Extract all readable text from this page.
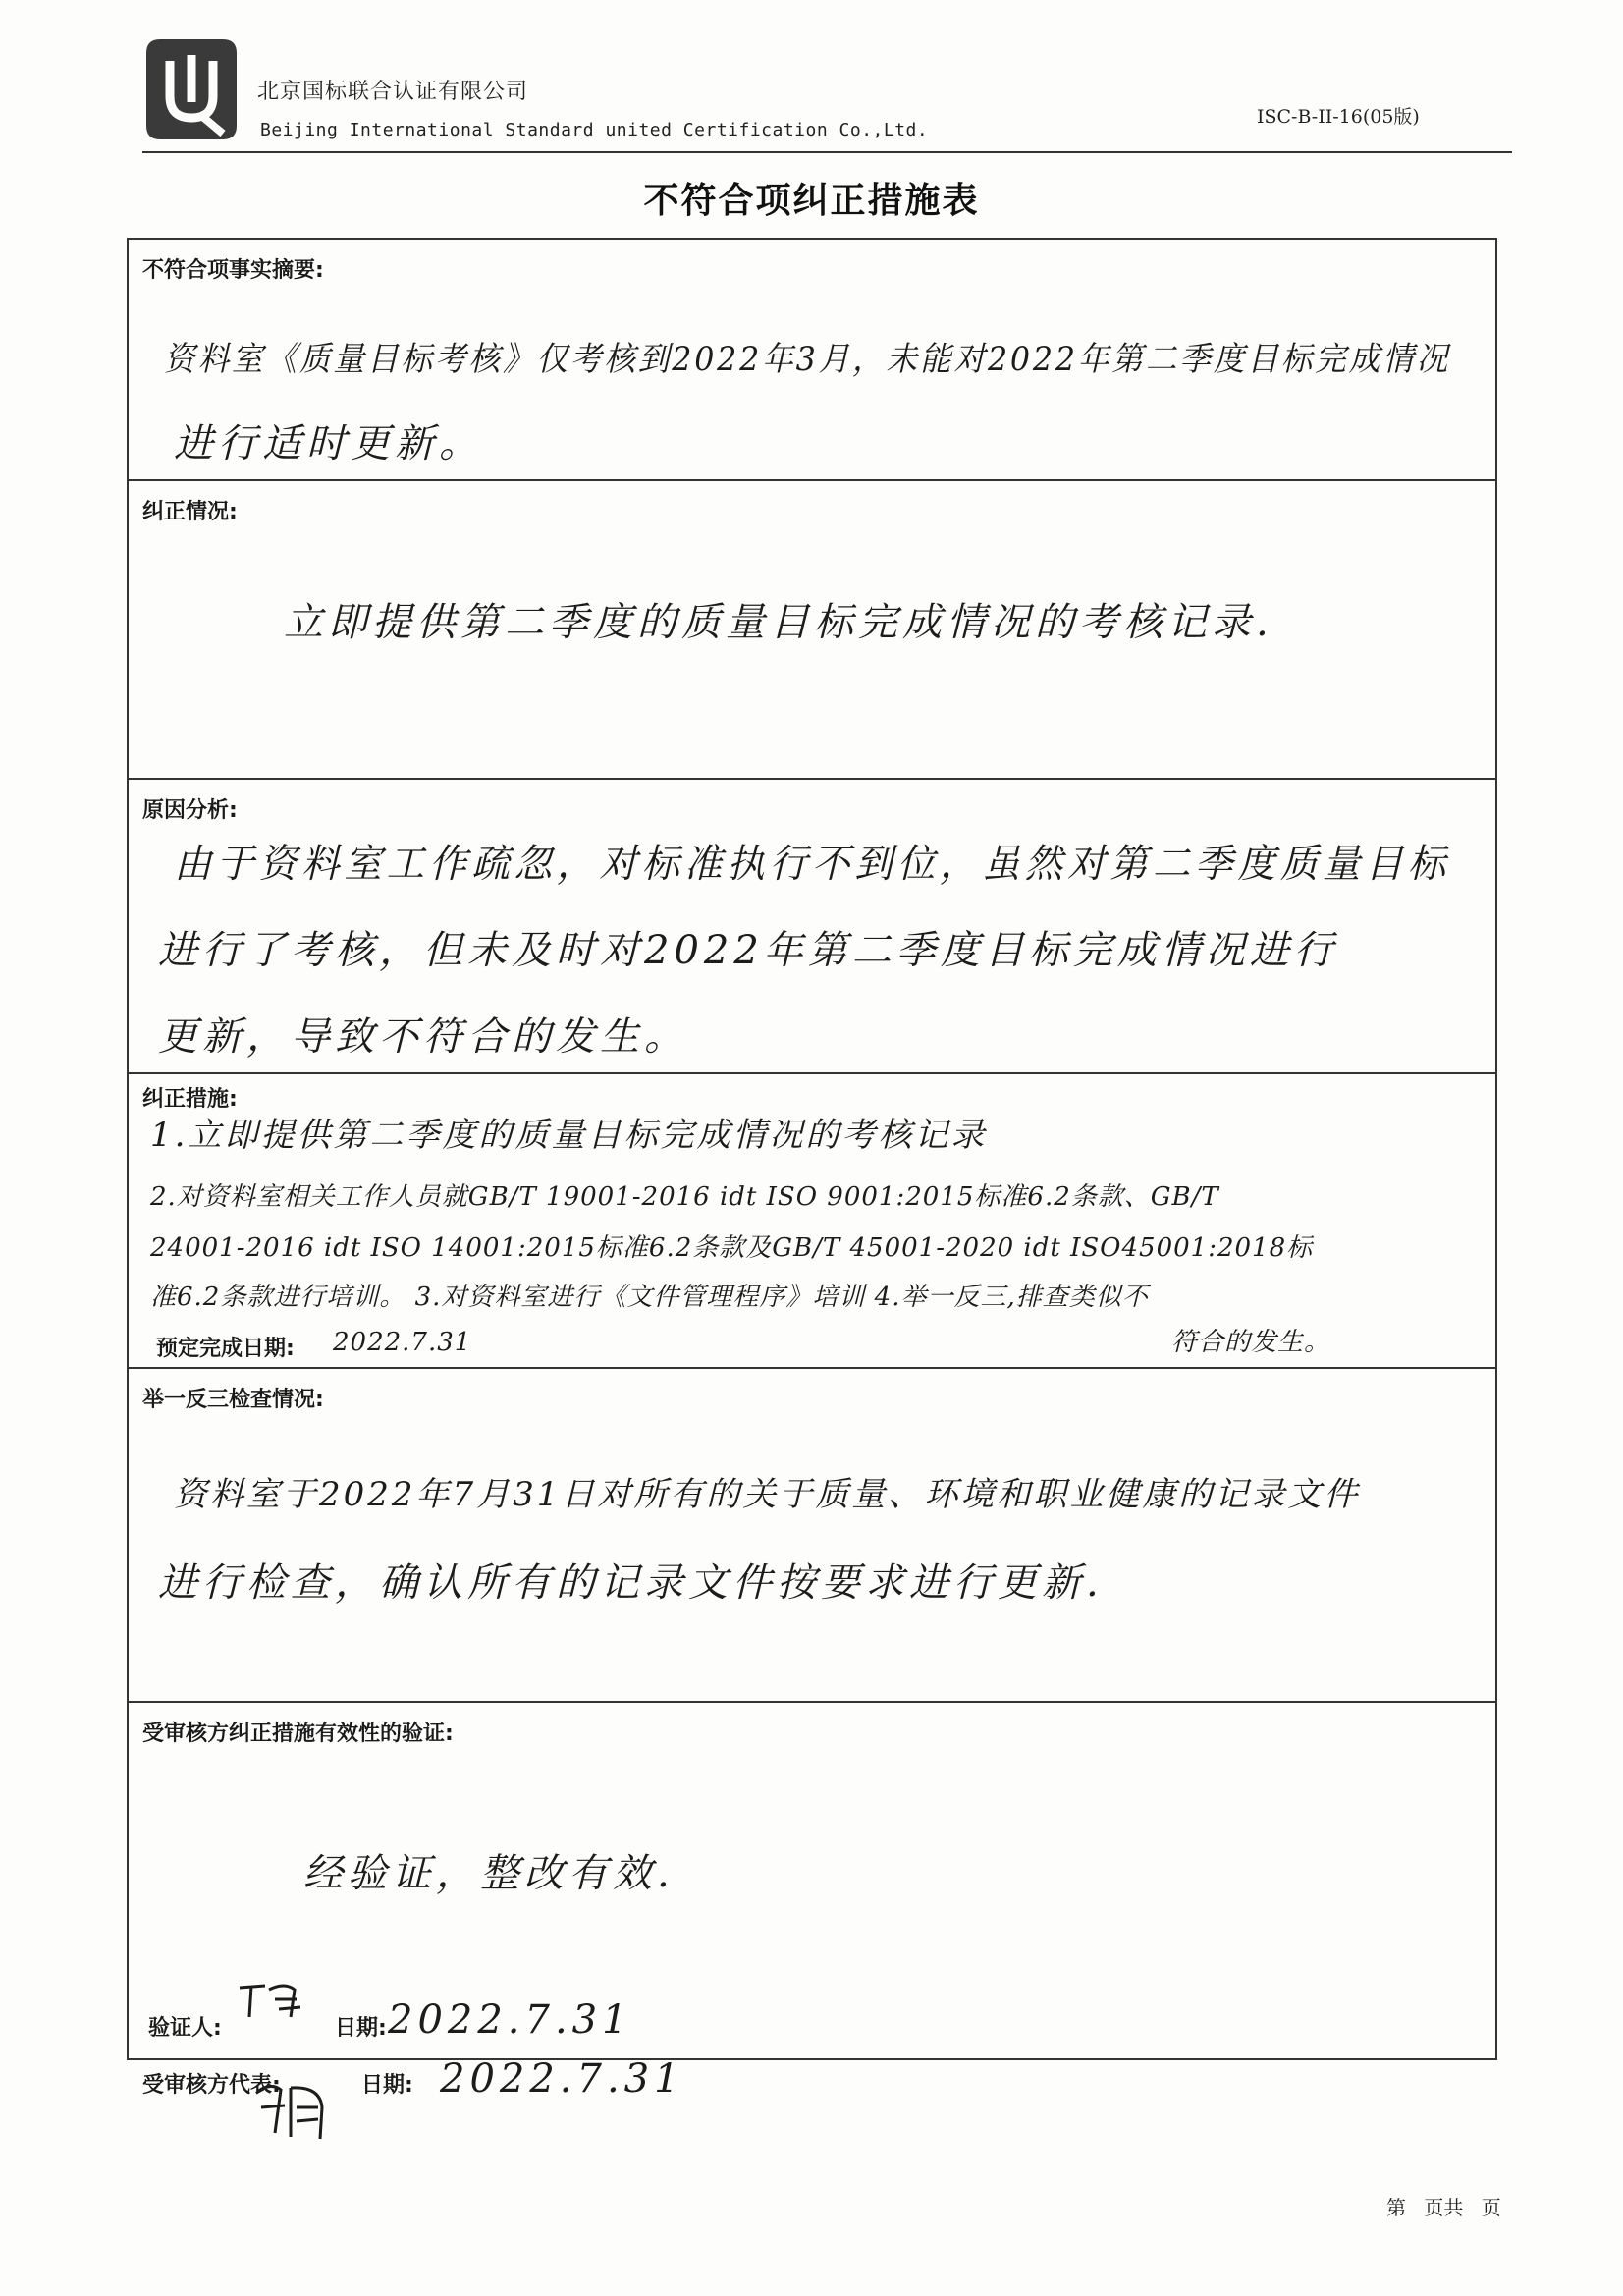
北京国标联合认证有限公司
Beijing International Standard united Certification Co.,Ltd.
ISC-B-II-16(05版)
不符合项纠正措施表
不符合项事实摘要:
资料室《质量目标考核》仅考核到2022年3月，未能对2022年第二季度目标完成情况
进行适时更新。
纠正情况:
立即提供第二季度的质量目标完成情况的考核记录.
原因分析:
由于资料室工作疏忽，对标准执行不到位，虽然对第二季度质量目标
进行了考核，但未及时对2022年第二季度目标完成情况进行
更新，导致不符合的发生。
纠正措施:
1.立即提供第二季度的质量目标完成情况的考核记录
2.对资料室相关工作人员就GB/T 19001-2016 idt ISO 9001:2015标准6.2条款、GB/T
24001-2016 idt ISO 14001:2015标准6.2条款及GB/T 45001-2020 idt ISO45001:2018标
准6.2条款进行培训。 3.对资料室进行《文件管理程序》培训 4.举一反三,排查类似不
预定完成日期: 2022.7.31	符合的发生。
举一反三检查情况:
资料室于2022年7月31日对所有的关于质量、环境和职业健康的记录文件
进行检查，确认所有的记录文件按要求进行更新.
受审核方纠正措施有效性的验证:
经验证，整改有效.
验证人:	日期: 2022.7.31
受审核方代表:	日期: 2022.7.31
第 页共 页
